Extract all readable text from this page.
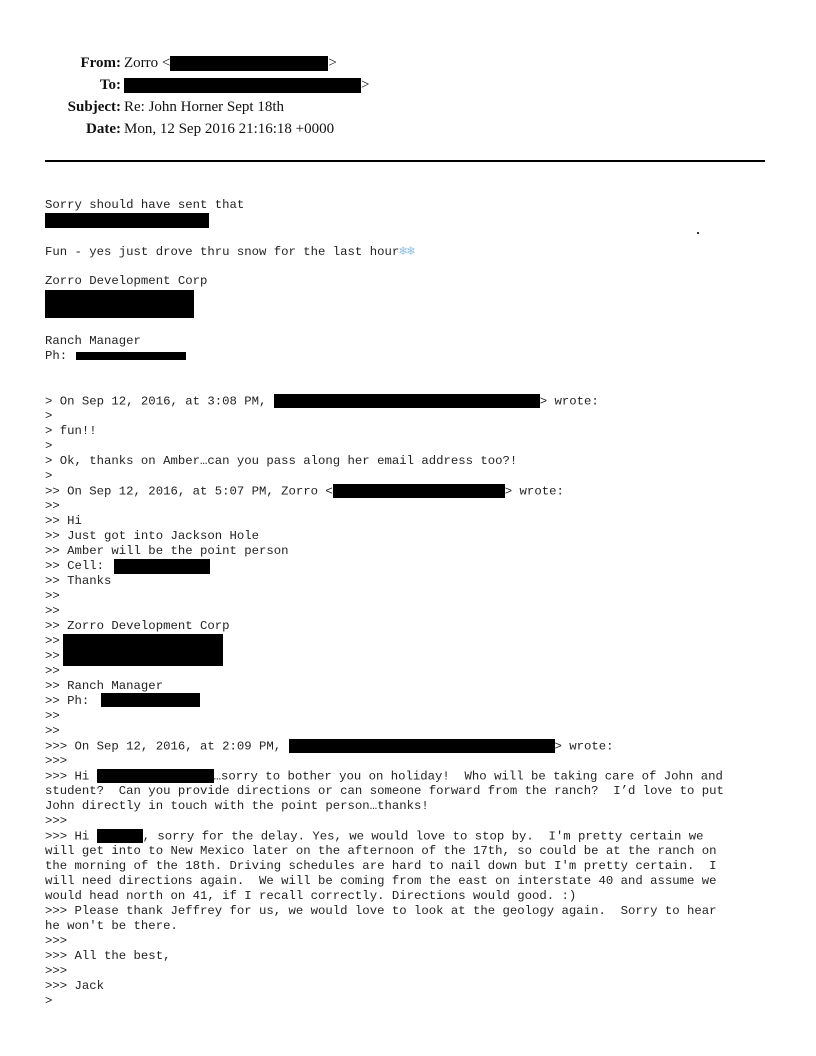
From: Zorro <	>
To:	>
Subject: Re: John Horner Sept 18th
Date: Mon, 12 Sep 2016 21:16:18 +0000
Sorry should have sent that
Fun - yes just drove thru snow for the last hour❄❄
Zorro Development Corp
Ranch Manager
Ph:
> On Sep 12, 2016, at 3:08 PM,	> wrote:
>
> fun!!
>
> Ok, thanks on Amber…can you pass along her email address too?!
>
>> On Sep 12, 2016, at 5:07 PM, Zorro <	> wrote:
>>
>> Hi
>> Just got into Jackson Hole
>> Amber will be the point person
>> Cell:
>> Thanks
>>
>>
>> Zorro Development Corp
>>
>>
>>
>> Ranch Manager
>> Ph:
>>
>>
>>> On Sep 12, 2016, at 2:09 PM,	> wrote:
>>>
>>> Hi	…sorry to bother you on holiday!  Who will be taking care of John and
student?  Can you provide directions or can someone forward from the ranch?  I’d love to put
John directly in touch with the point person…thanks!
>>>
>>> Hi	, sorry for the delay. Yes, we would love to stop by.  I'm pretty certain we
will get into to New Mexico later on the afternoon of the 17th, so could be at the ranch on
the morning of the 18th. Driving schedules are hard to nail down but I'm pretty certain.  I
will need directions again.  We will be coming from the east on interstate 40 and assume we
would head north on 41, if I recall correctly. Directions would good. :)
>>> Please thank Jeffrey for us, we would love to look at the geology again.  Sorry to hear
he won't be there.
>>>
>>> All the best,
>>>
>>> Jack
>
